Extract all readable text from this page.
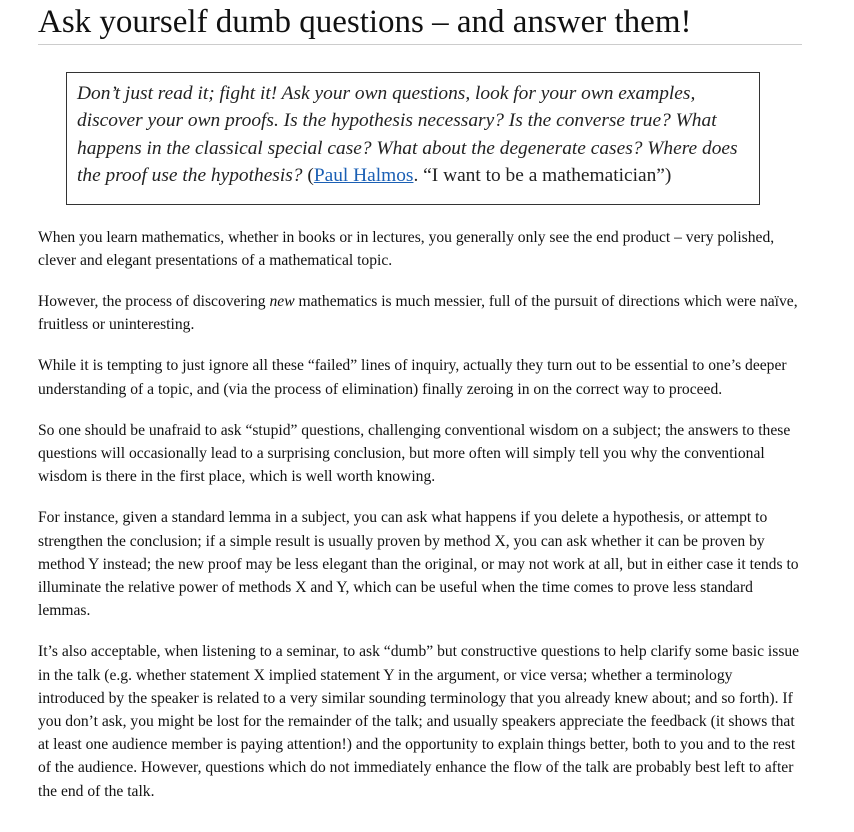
Ask yourself dumb questions – and answer them!
Don’t just read it; fight it! Ask your own questions, look for your own examples, discover your own proofs. Is the hypothesis necessary? Is the converse true? What happens in the classical special case? What about the degenerate cases? Where does the proof use the hypothesis? (Paul Halmos. “I want to be a mathematician”)

When you learn mathematics, whether in books or in lectures, you generally only see the end product – very polished, clever and elegant presentations of a mathematical topic.

However, the process of discovering new mathematics is much messier, full of the pursuit of directions which were naïve, fruitless or uninteresting.

While it is tempting to just ignore all these “failed” lines of inquiry, actually they turn out to be essential to one’s deeper understanding of a topic, and (via the process of elimination) finally zeroing in on the correct way to proceed.

So one should be unafraid to ask “stupid” questions, challenging conventional wisdom on a subject; the answers to these questions will occasionally lead to a surprising conclusion, but more often will simply tell you why the conventional wisdom is there in the first place, which is well worth knowing.

For instance, given a standard lemma in a subject, you can ask what happens if you delete a hypothesis, or attempt to strengthen the conclusion; if a simple result is usually proven by method X, you can ask whether it can be proven by method Y instead; the new proof may be less elegant than the original, or may not work at all, but in either case it tends to illuminate the relative power of methods X and Y, which can be useful when the time comes to prove less standard lemmas.

It’s also acceptable, when listening to a seminar, to ask “dumb” but constructive questions to help clarify some basic issue in the talk (e.g. whether statement X implied statement Y in the argument, or vice versa; whether a terminology introduced by the speaker is related to a very similar sounding terminology that you already knew about; and so forth). If you don’t ask, you might be lost for the remainder of the talk; and usually speakers appreciate the feedback (it shows that at least one audience member is paying attention!) and the opportunity to explain things better, both to you and to the rest of the audience. However, questions which do not immediately enhance the flow of the talk are probably best left to after the end of the talk.
